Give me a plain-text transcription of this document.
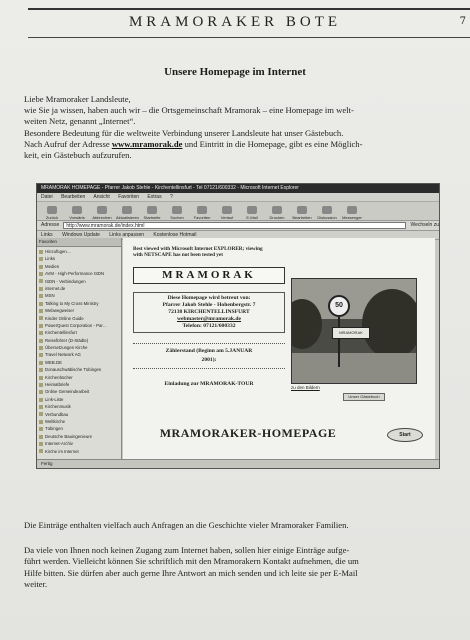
MRAMORAKER BOTE	7
Unsere Homepage im Internet

Liebe Mramoraker Landsleute,

wie Sie ja wissen, haben auch wir – die Ortsgemeinschaft Mramorak – eine Homepage im welt-

weiten Netz, genannt „Internet“.

Besondere Bedeutung für die weltweite Verbindung unserer Landsleute hat unser Gästebuch.

Nach Aufruf der Adresse www.mramorak.de und Eintritt in die Homepage, gibt es eine Möglich-

keit, ein Gästebuch aufzurufen.

MRAMORAK HOMEPAGE - Pfarrer Jakob Stehle - Kirchentellinsfurt - Tel 07121/600332 - Microsoft Internet Explorer
Datei Bearbeiten Ansicht Favoriten Extras ?
Zurück	Vorwärts	Abbrechen	Aktualisieren	Startseite	Suchen	Favoriten	Verlauf	E-Mail	Drucken	Bearbeiten	Diskussion	Messenger
Adresse	http://www.mramorak.de/index.html	Wechseln zu
Links Windows Update Links anpassen Kostenlose Hotmail
Favoriten
Hinzufügen…
Links
Medien
AVM - High-Performance ISDN
ISDN - Verbindungen
internet.de
MSN
Talking to My Cross Ministry
Webwegweiser
Kinder Online Guide
PowerQuest Corporation - Par…
Kirchentellinsfurt
Reiseführer (D-Städte)
Übersetzungen Kirche
Travel Network AG
WEB.DE
Donauschwäbische Tübingen
Kirchenbücher
Heimatbriefe
Online Gemeindearbeit
Link-Liste
Kirchenmusik
Verbundbau
Weltkirche
Tübingen
Deutsche Bauingenieure
Internet-Archiv
Kirche im Internet
Best viewed with Microsoft Internet EXPLORER; viewing with NETSCAPE has not been tested yet
MRAMORAK
Diese Homepage wird betreut von:
Pfarrer Jakob Stehle - Hohenbergstr. 7
72138 KIRCHENTELLINSFURT
webmaster@mramorak.de
Telefon: 07121/600332
Zählerstand (Beginn am 5.JANUAR
2001):
Einladung zur MRAMORAK-TOUR
50
MRAMORAK
zu den Bildern
Unser Gästebuch
MRAMORAKER-HOMEPAGE	Start
Fertig

Die Einträge enthalten vielfach auch Anfragen an die Geschichte vieler Mramoraker Familien.

Da viele von Ihnen noch keinen Zugang zum Internet haben, sollen hier einige Einträge aufge-

führt werden. Vielleicht können Sie schriftlich mit den Mramorakern Kontakt aufnehmen, die um

Hilfe bitten. Sie dürfen aber auch gerne Ihre Antwort an mich senden und ich leite sie per E-Mail

weiter.
